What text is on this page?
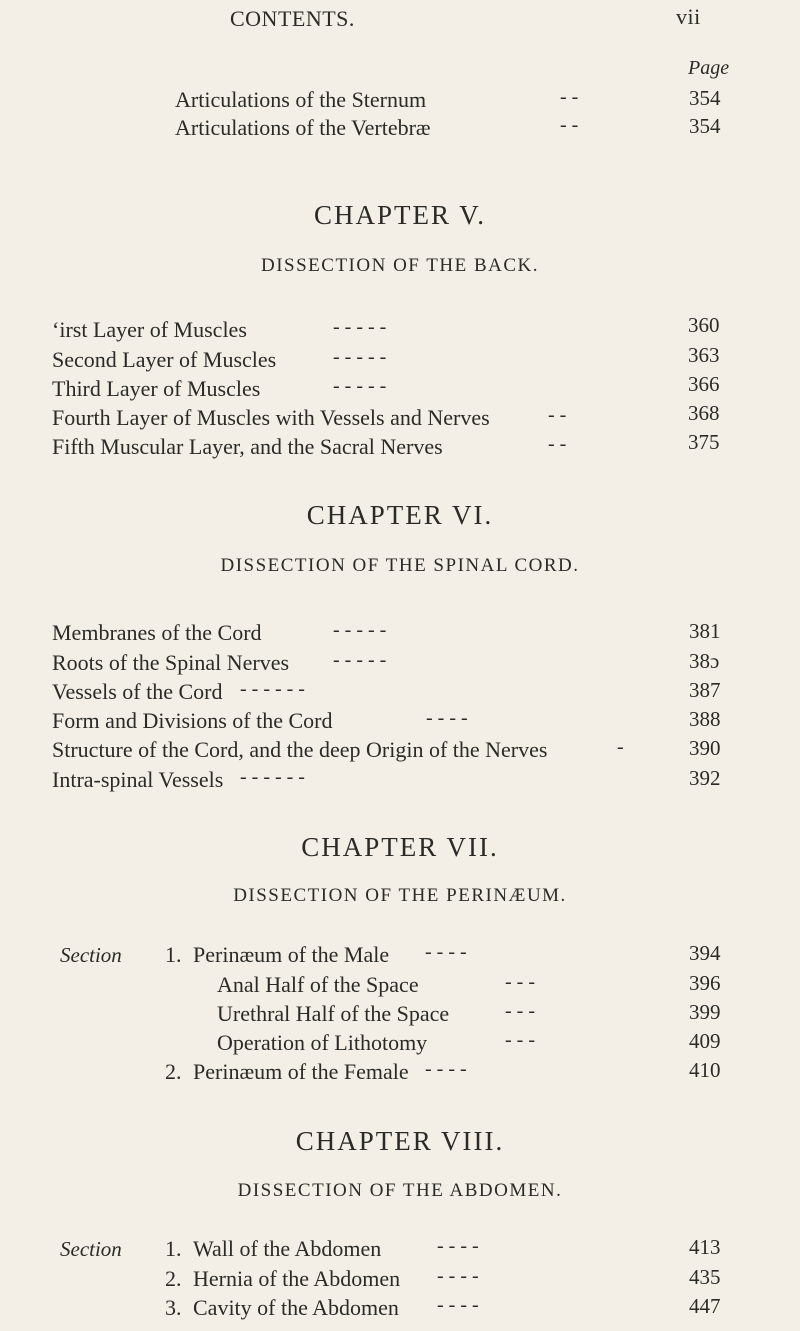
CONTENTS.	vii
Page
Articulations of the Sternum	- -	354
Articulations of the Vertebræ	- -	354
CHAPTER V.
DISSECTION OF THE BACK.
‘irst Layer of Muscles	- - - - -	360
Second Layer of Muscles	- - - - -	363
Third Layer of Muscles	- - - - -	366
Fourth Layer of Muscles with Vessels and Nerves	- -	368
Fifth Muscular Layer, and the Sacral Nerves	- -	375
CHAPTER VI.
DISSECTION OF THE SPINAL CORD.
Membranes of the Cord	- - - - -	381
Roots of the Spinal Nerves - - - - -	38ɔ
Vessels of the Cord - - - - - -	387
Form and Divisions of the Cord	- - - -	388
Structure of the Cord, and the deep Origin of the Nerves	-	390
Intra-spinal Vessels - - - - - -	392
CHAPTER VII.
DISSECTION OF THE PERINÆUM.
Section 1. Perinæum of the Male - - - -	394
Anal Half of the Space	- - -	396
Urethral Half of the Space	- - -	399
Operation of Lithotomy	- - -	409
2. Perinæum of the Female - - - -	410
CHAPTER VIII.
DISSECTION OF THE ABDOMEN.
Section 1. Wall of the Abdomen	- - - -	413
2. Hernia of the Abdomen - - - -	435
3. Cavity of the Abdomen - - - -	447
